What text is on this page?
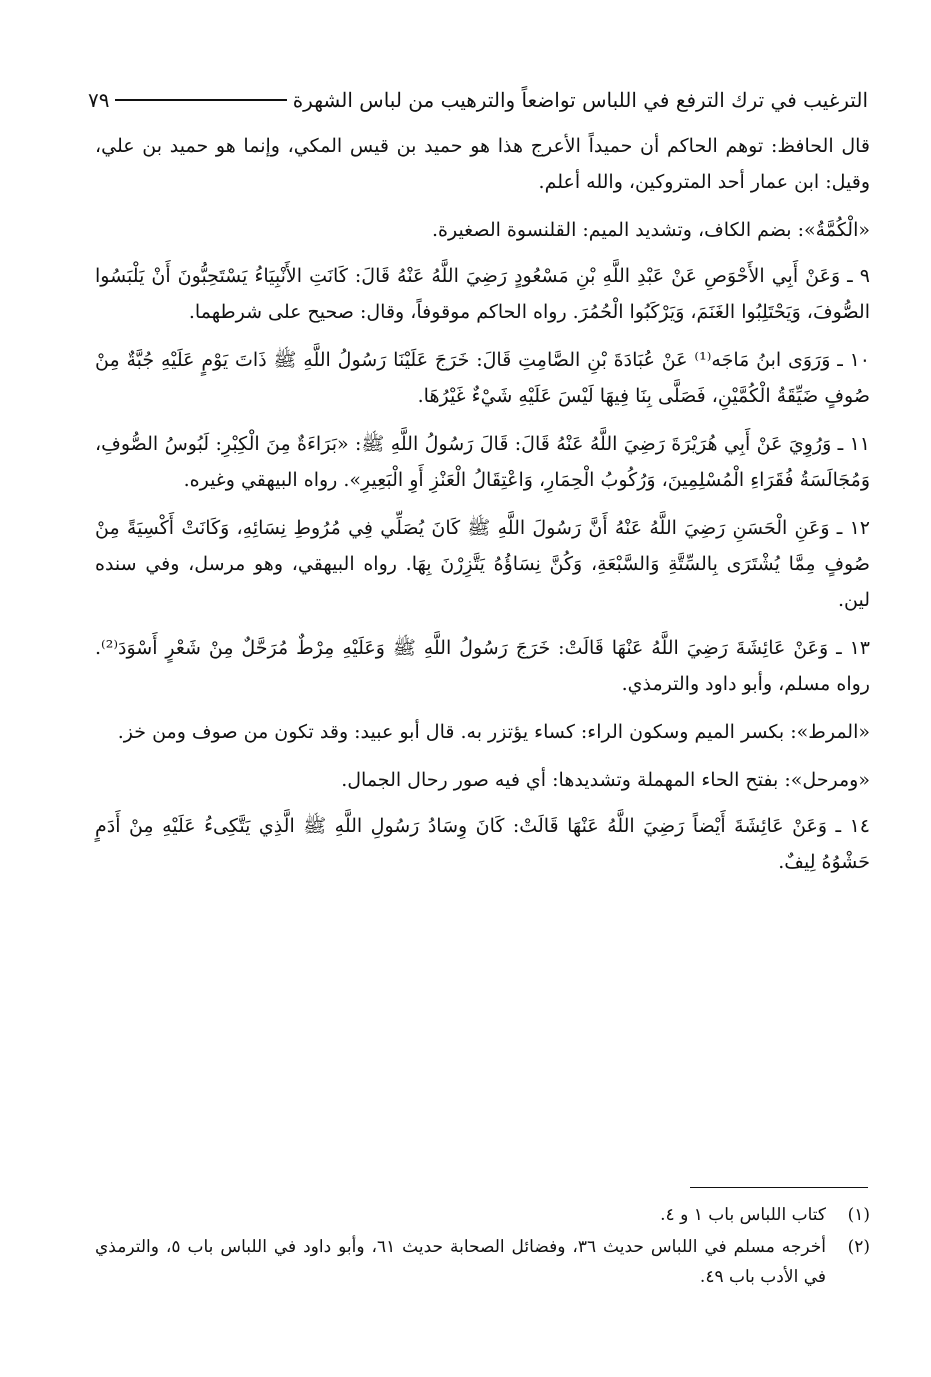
الترغيب في ترك الترفع في اللباس تواضعاً والترهيب من لباس الشهرة
٧٩

قال الحافظ: توهم الحاكم أن حميداً الأعرج هذا هو حميد بن قيس المكي، وإنما هو حميد بن علي، وقيل: ابن عمار أحد المتروكين، والله أعلم.

«الْكُمَّةُ»: بضم الكاف، وتشديد الميم: القلنسوة الصغيرة.

٩ ـ وَعَنْ أَبِي الأَحْوَصِ عَنْ عَبْدِ اللَّهِ بْنِ مَسْعُودٍ رَضِيَ اللَّهُ عَنْهُ قَالَ: كَانَتِ الأَنْبِيَاءُ يَسْتَحِبُّونَ أَنْ يَلْبَسُوا الصُّوفَ، وَيَحْتَلِبُوا الغَنَمَ، وَيَرْكَبُوا الْحُمُرَ. رواه الحاكم موقوفاً، وقال: صحيح على شرطهما.

١٠ ـ وَرَوَى ابنُ مَاجَه⁽¹⁾ عَنْ عُبَادَةَ بْنِ الصَّامِتِ قَالَ: خَرَجَ عَلَيْنَا رَسُولُ اللَّهِ ﷺ ذَاتَ يَوْمٍ عَلَيْهِ جُبَّةٌ مِنْ صُوفٍ ضَيِّقَةُ الْكُمَّيْنِ، فَصَلَّى بِنَا فِيهَا لَيْسَ عَلَيْهِ شَيْءٌ غَيْرُهَا.

١١ ـ وَرُوِيَ عَنْ أَبِي هُرَيْرَةَ رَضِيَ اللَّهُ عَنْهُ قَالَ: قَالَ رَسُولُ اللَّهِ ﷺ: «بَرَاءَةٌ مِنَ الْكِبْرِ: لَبُوسُ الصُّوفِ، وَمُجَالَسَةُ فُقَرَاءِ الْمُسْلِمِينَ، وَرُكُوبُ الْحِمَارِ، وَاعْتِقَالُ الْعَنْزِ أَوِ الْبَعِيرِ». رواه البيهقي وغيره.

١٢ ـ وَعَنِ الْحَسَنِ رَضِيَ اللَّهُ عَنْهُ أَنَّ رَسُولَ اللَّهِ ﷺ كَانَ يُصَلِّي فِي مُرُوطِ نِسَائِهِ، وَكَانَتْ أَكْسِيَةً مِنْ صُوفٍ مِمَّا يُشْتَرَى بِالسِّتَّةِ وَالسَّبْعَةِ، وَكُنَّ نِسَاؤُهُ يَتَّزِرْنَ بِهَا. رواه البيهقي، وهو مرسل، وفي سنده لين.

١٣ ـ وَعَنْ عَائِشَةَ رَضِيَ اللَّهُ عَنْهَا قَالَتْ: خَرَجَ رَسُولُ اللَّهِ ﷺ وَعَلَيْهِ مِرْطٌ مُرَحَّلٌ مِنْ شَعْرٍ أَسْوَدَ⁽²⁾. رواه مسلم، وأبو داود والترمذي.

«المرط»: بكسر الميم وسكون الراء: كساء يؤتزر به. قال أبو عبيد: وقد تكون من صوف ومن خز.

«ومرحل»: بفتح الحاء المهملة وتشديدها: أي فيه صور رحال الجمال.

١٤ ـ وَعَنْ عَائِشَةَ أَيْضاً رَضِيَ اللَّهُ عَنْهَا قَالَتْ: كَانَ وِسَادُ رَسُولِ اللَّهِ ﷺ الَّذِي يَتَّكِىءُ عَلَيْهِ مِنْ أَدَمٍ حَشْوُهُ لِيفٌ.

(١)
كتاب اللباس باب ١ و ٤.
(٢)
أخرجه مسلم في اللباس حديث ٣٦، وفضائل الصحابة حديث ٦١، وأبو داود في اللباس باب ٥، والترمذي في الأدب باب ٤٩.
